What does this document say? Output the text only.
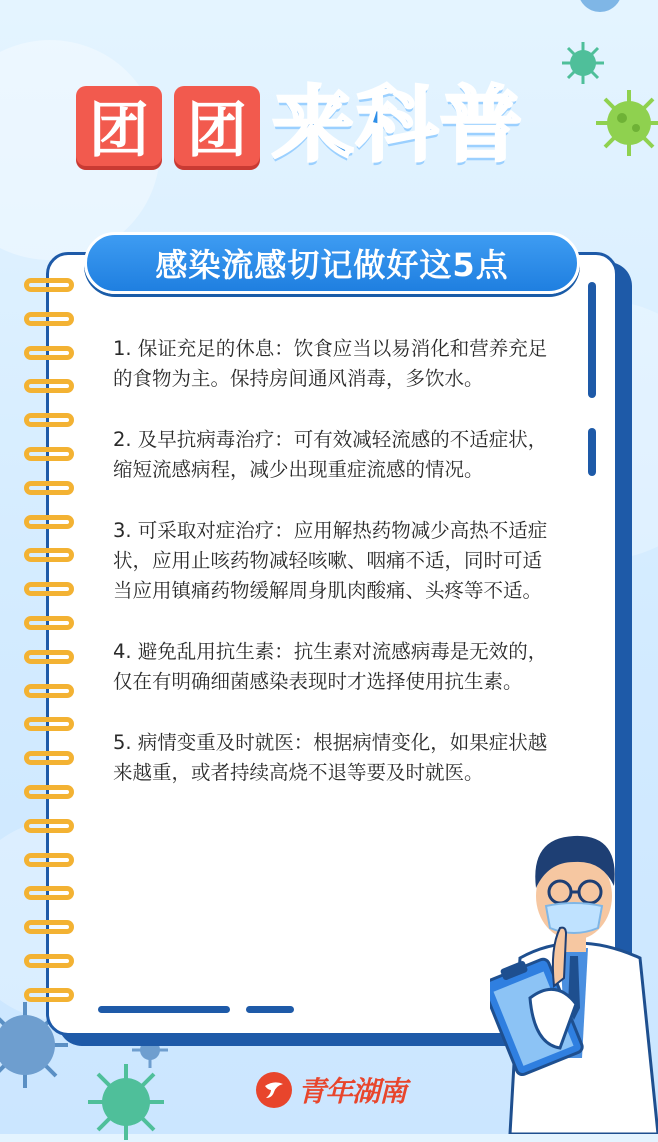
团 团 来科普
感染流感切记做好这5点

1. 保证充足的休息：饮食应当以易消化和营养充足的食物为主。保持房间通风消毒，多饮水。

2. 及早抗病毒治疗：可有效减轻流感的不适症状，缩短流感病程，减少出现重症流感的情况。

3. 可采取对症治疗：应用解热药物减少高热不适症状，应用止咳药物减轻咳嗽、咽痛不适，同时可适当应用镇痛药物缓解周身肌肉酸痛、头疼等不适。

4. 避免乱用抗生素：抗生素对流感病毒是无效的，仅在有明确细菌感染表现时才选择使用抗生素。

5. 病情变重及时就医：根据病情变化，如果症状越来越重，或者持续高烧不退等要及时就医。

青年湖南
